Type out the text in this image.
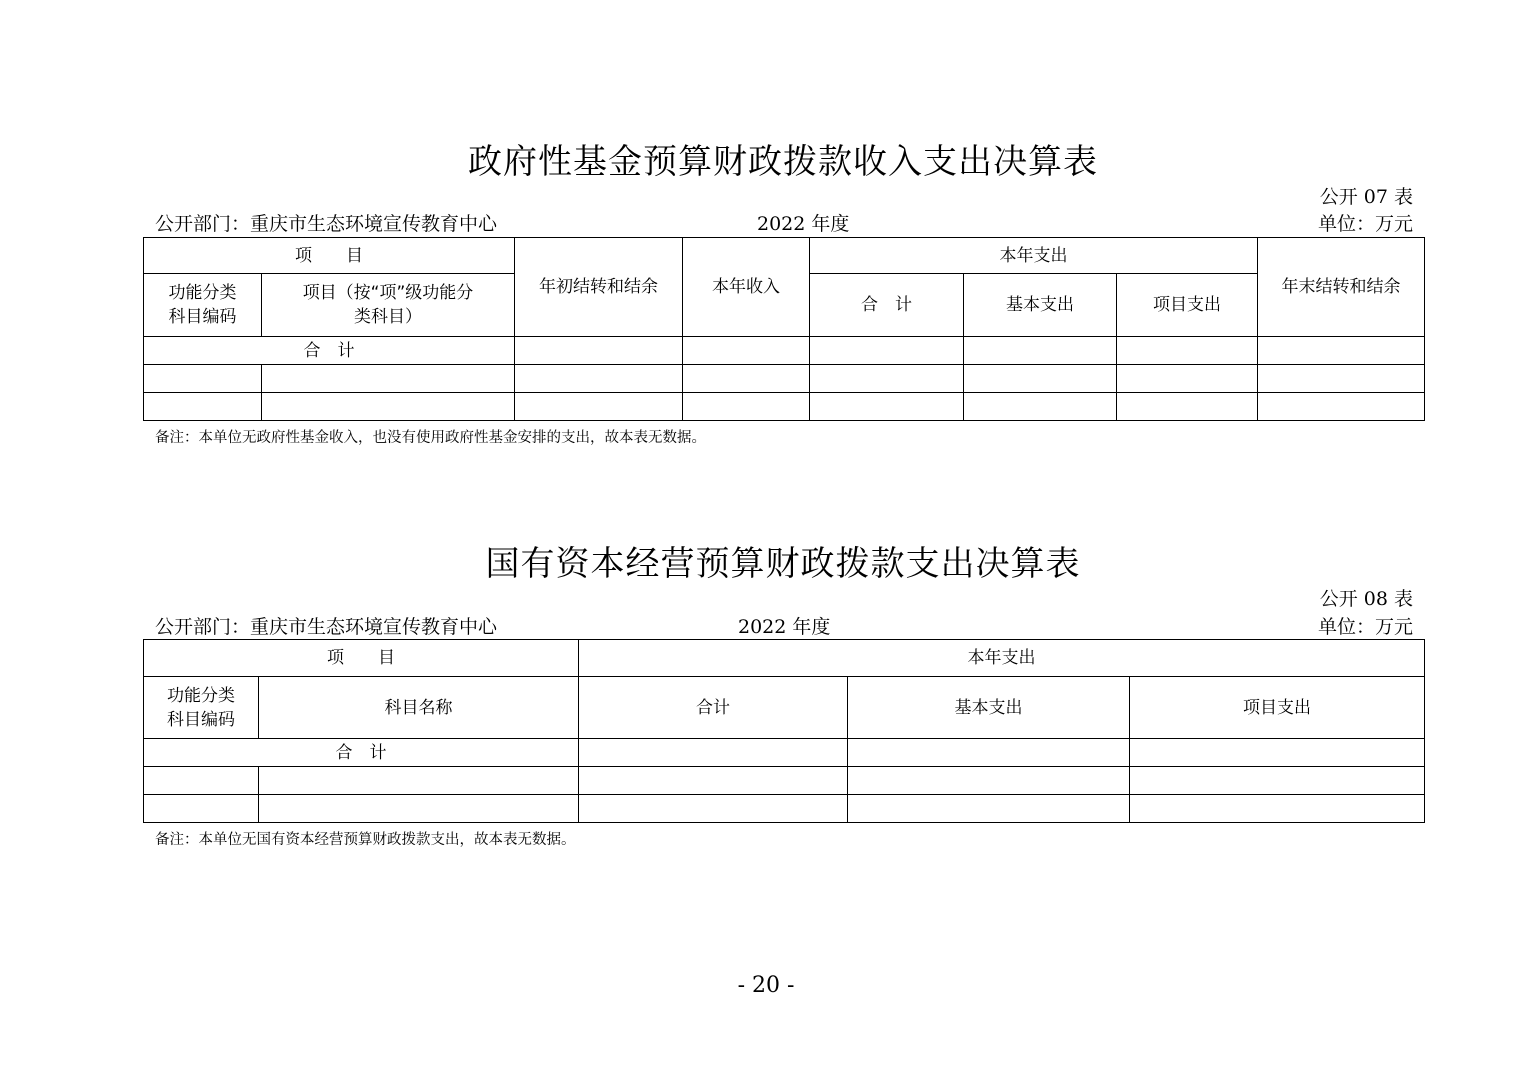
政府性基金预算财政拨款收入支出决算表
公开 07 表
公开部门：重庆市生态环境宣传教育中心	2022 年度	单位：万元
项　　目		年初结转和结余	本年收入	本年支出			年末结转和结余
功能分类
科目编码	项目（按“项”级功能分
类科目）			合　计	基本支出	项目支出	
合　计							

备注：本单位无政府性基金收入，也没有使用政府性基金安排的支出，故本表无数据。
国有资本经营预算财政拨款支出决算表
公开 08 表
公开部门：重庆市生态环境宣传教育中心	2022 年度	单位：万元
项　　目		本年支出		
功能分类
科目编码	科目名称	合计	基本支出	项目支出
合　计				

备注：本单位无国有资本经营预算财政拨款支出，故本表无数据。
- 20 -
